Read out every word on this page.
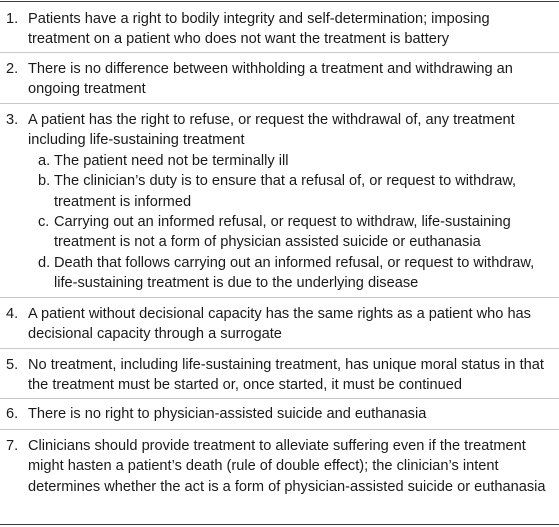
1. Patients have a right to bodily integrity and self-determination; imposing treatment on a patient who does not want the treatment is battery
2. There is no difference between withholding a treatment and withdrawing an ongoing treatment
3. A patient has the right to refuse, or request the withdrawal of, any treatment including life-sustaining treatment
a. The patient need not be terminally ill
b. The clinician’s duty is to ensure that a refusal of, or request to withdraw, treatment is informed
c. Carrying out an informed refusal, or request to withdraw, life-sustaining treatment is not a form of physician assisted suicide or euthanasia
d. Death that follows carrying out an informed refusal, or request to withdraw, life-sustaining treatment is due to the underlying disease
4. A patient without decisional capacity has the same rights as a patient who has decisional capacity through a surrogate
5. No treatment, including life-sustaining treatment, has unique moral status in that the treatment must be started or, once started, it must be continued
6. There is no right to physician-assisted suicide and euthanasia
7. Clinicians should provide treatment to alleviate suffering even if the treatment might hasten a patient’s death (rule of double effect); the clinician’s intent determines whether the act is a form of physician-assisted suicide or euthanasia
